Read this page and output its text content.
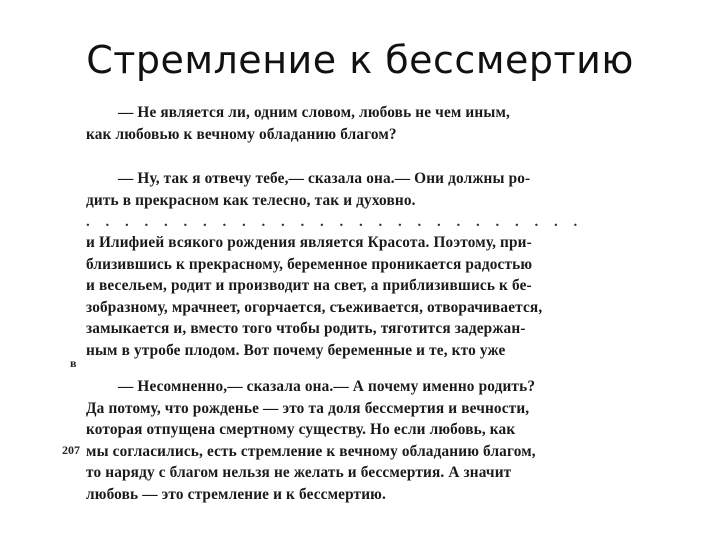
Стремление к бессмертию
— Не является ли, одним словом, любовь не чем иным,
как любовью к вечному обладанию благом?
— Ну, так я отвечу тебе,— сказала она.— Они должны ро-
дить в прекрасном как телесно, так и духовно.
. . . . . . . . . . . . . . . . . . . . . . . . . .
и Илифией всякого рождения является Красота. Поэтому, при-
близившись к прекрасному, беременное проникается радостью
и весельем, родит и производит на свет, а приблизившись к бе-
зобразному, мрачнеет, огорчается, съеживается, отворачивается,
замыкается и, вместо того чтобы родить, тяготится задержан-
ным в утробе плодом. Вот почему беременные и те, кто уже
в
— Несомненно,— сказала она.— А почему именно родить?
Да потому, что рожденье — это та доля бессмертия и вечности,
которая отпущена смертному существу. Но если любовь, как
мы согласились, есть стремление к вечному обладанию благом,
то наряду с благом нельзя не желать и бессмертия. А значит
любовь — это стремление и к бессмертию.
207
